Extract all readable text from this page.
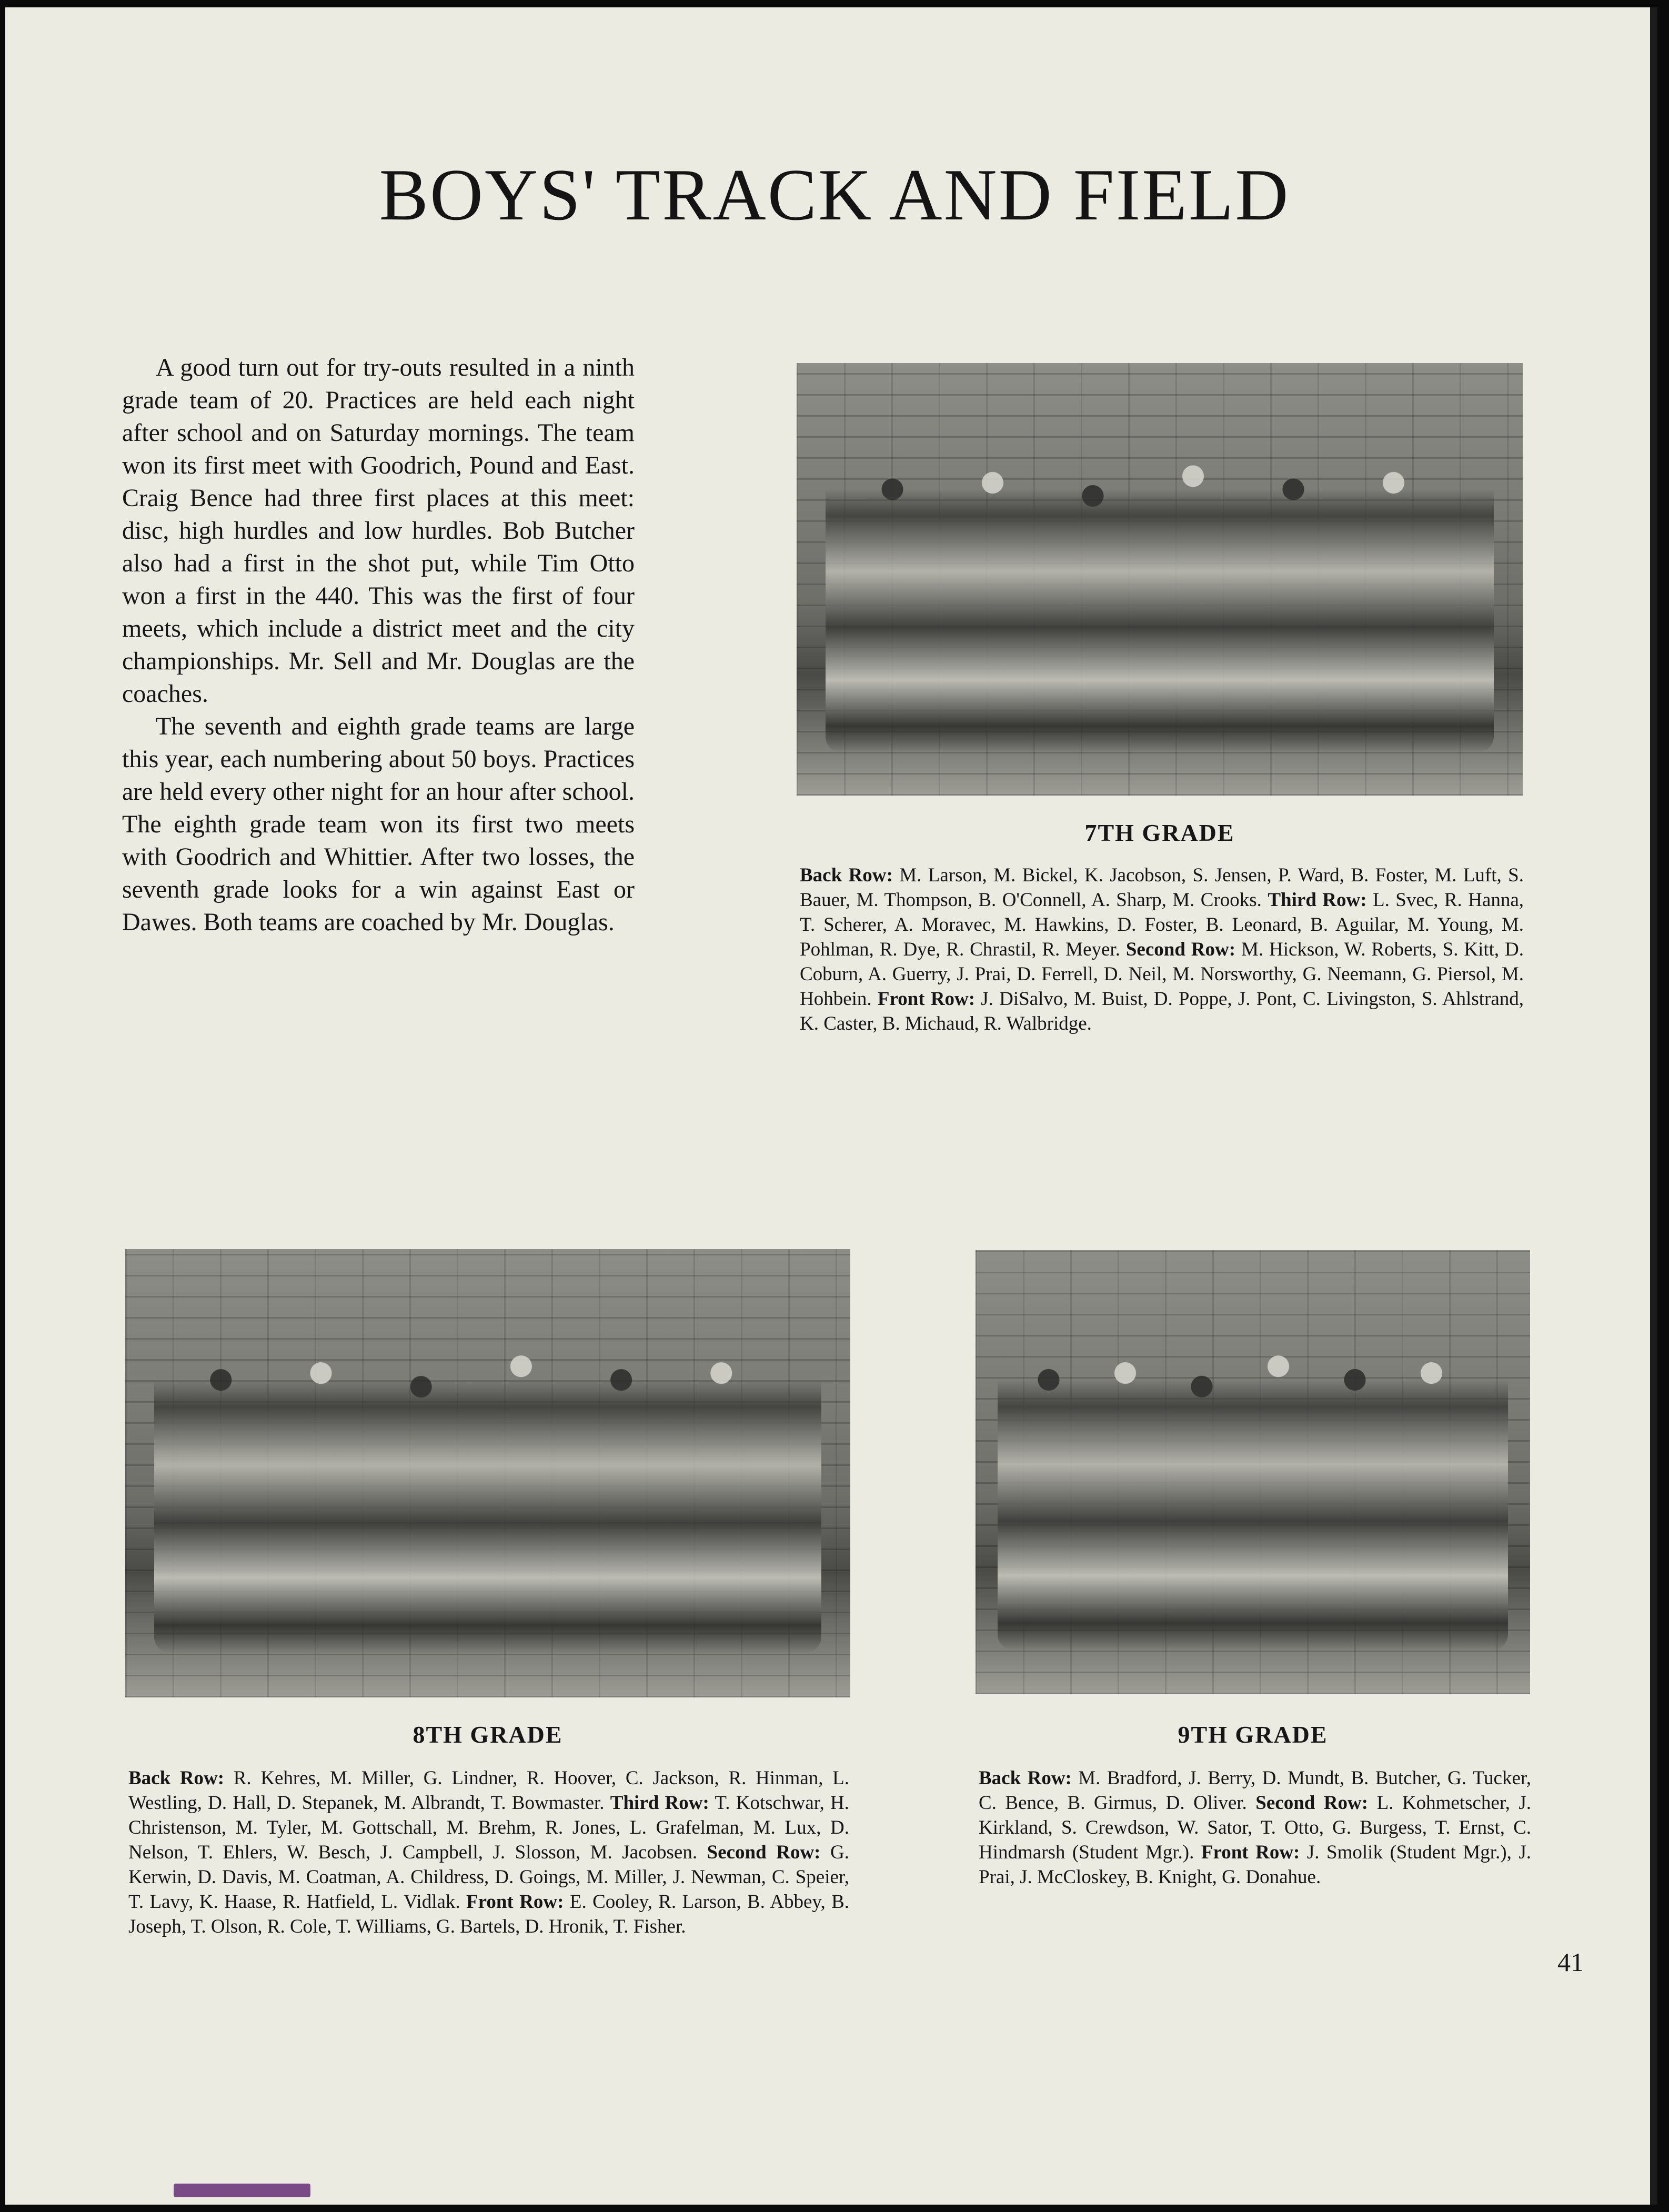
BOYS' TRACK AND FIELD

A good turn out for try-outs resulted in a ninth grade team of 20. Practices are held each night after school and on Saturday mornings. The team won its first meet with Goodrich, Pound and East. Craig Bence had three first places at this meet: disc, high hurdles and low hurdles. Bob Butcher also had a first in the shot put, while Tim Otto won a first in the 440. This was the first of four meets, which include a district meet and the city championships. Mr. Sell and Mr. Douglas are the coaches.

The seventh and eighth grade teams are large this year, each numbering about 50 boys. Practices are held every other night for an hour after school. The eighth grade team won its first two meets with Goodrich and Whittier. After two losses, the seventh grade looks for a win against East or Dawes. Both teams are coached by Mr. Douglas.

7TH GRADE

Back Row: M. Larson, M. Bickel, K. Jacobson, S. Jensen, P. Ward, B. Foster, M. Luft, S. Bauer, M. Thompson, B. O'Connell, A. Sharp, M. Crooks. Third Row: L. Svec, R. Hanna, T. Scherer, A. Moravec, M. Hawkins, D. Foster, B. Leonard, B. Aguilar, M. Young, M. Pohlman, R. Dye, R. Chrastil, R. Meyer. Second Row: M. Hickson, W. Roberts, S. Kitt, D. Coburn, A. Guerry, J. Prai, D. Ferrell, D. Neil, M. Norsworthy, G. Neemann, G. Piersol, M. Hohbein. Front Row: J. DiSalvo, M. Buist, D. Poppe, J. Pont, C. Livingston, S. Ahlstrand, K. Caster, B. Michaud, R. Walbridge.

8TH GRADE

Back Row: R. Kehres, M. Miller, G. Lindner, R. Hoover, C. Jackson, R. Hinman, L. Westling, D. Hall, D. Stepanek, M. Albrandt, T. Bowmaster. Third Row: T. Kotschwar, H. Christenson, M. Tyler, M. Gottschall, M. Brehm, R. Jones, L. Grafelman, M. Lux, D. Nelson, T. Ehlers, W. Besch, J. Campbell, J. Slosson, M. Jacobsen. Second Row: G. Kerwin, D. Davis, M. Coatman, A. Childress, D. Goings, M. Miller, J. Newman, C. Speier, T. Lavy, K. Haase, R. Hatfield, L. Vidlak. Front Row: E. Cooley, R. Larson, B. Abbey, B. Joseph, T. Olson, R. Cole, T. Williams, G. Bartels, D. Hronik, T. Fisher.

9TH GRADE

Back Row: M. Bradford, J. Berry, D. Mundt, B. Butcher, G. Tucker, C. Bence, B. Girmus, D. Oliver. Second Row: L. Kohmetscher, J. Kirkland, S. Crewdson, W. Sator, T. Otto, G. Burgess, T. Ernst, C. Hindmarsh (Student Mgr.). Front Row: J. Smolik (Student Mgr.), J. Prai, J. McCloskey, B. Knight, G. Donahue.

41
